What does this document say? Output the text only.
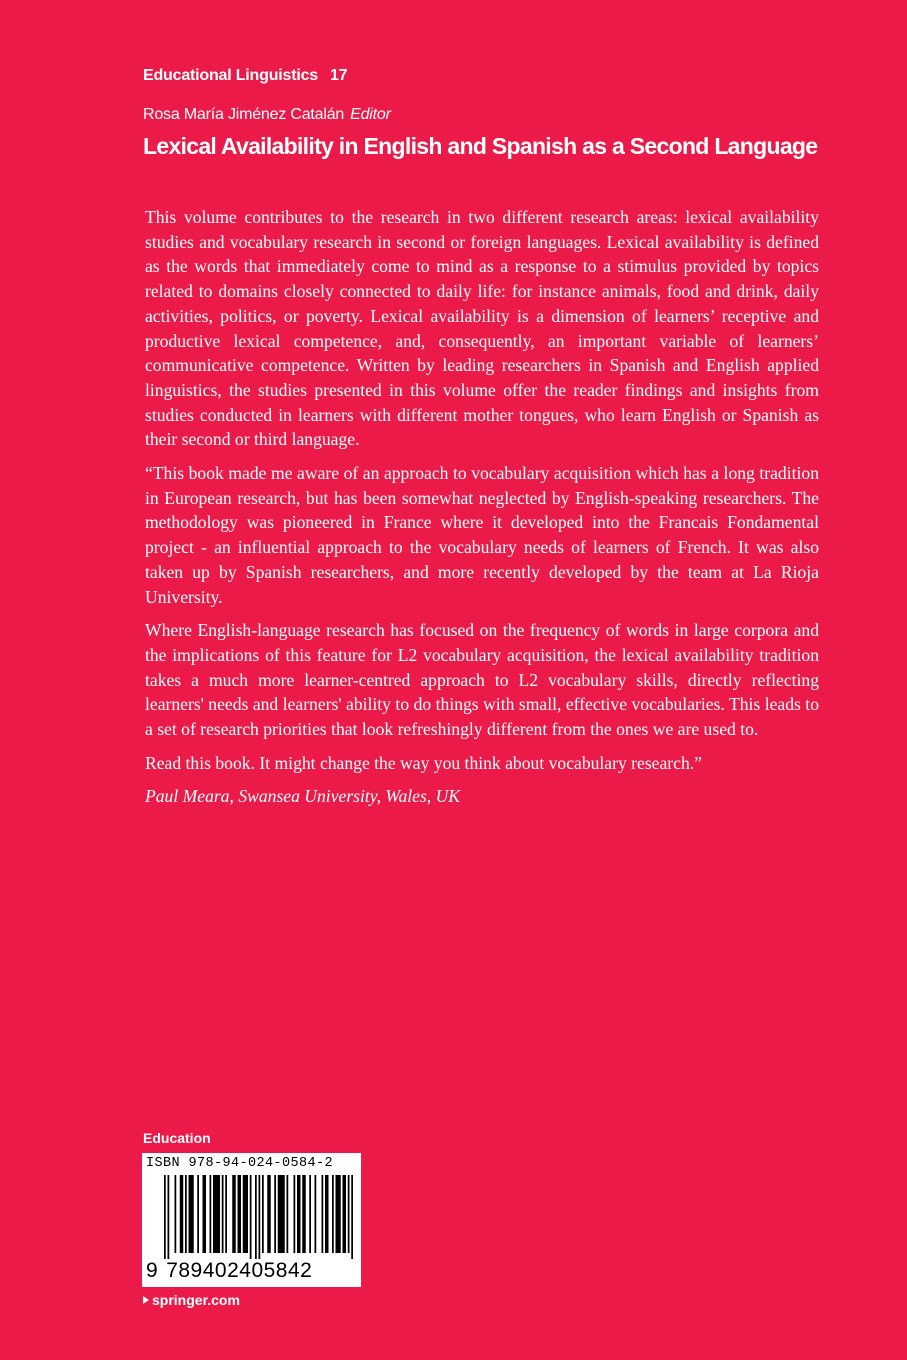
Educational Linguistics 17
Rosa María Jiménez Catalán Editor
Lexical Availability in English and Spanish as a Second Language

This volume contributes to the research in two different research areas: lexical availability studies and vocabulary research in second or foreign languages. Lexical availability is defined as the words that immediately come to mind as a response to a stimulus provided by topics related to domains closely connected to daily life: for instance animals, food and drink, daily activities, politics, or poverty. Lexical availability is a dimension of learners’ receptive and productive lexical competence, and, consequently, an important variable of learners’ communicative competence. Written by leading researchers in Spanish and English applied linguistics, the studies presented in this volume offer the reader findings and insights from studies conducted in learners with different mother tongues, who learn English or Spanish as their second or third language.

“This book made me aware of an approach to vocabulary acquisition which has a long tradition in European research, but has been somewhat neglected by English-speaking researchers. The methodology was pioneered in France where it developed into the Francais Fondamental project - an influential approach to the vocabulary needs of learners of French. It was also taken up by Spanish researchers, and more recently developed by the team at La Rioja University.

Where English-language research has focused on the frequency of words in large corpora and the implications of this feature for L2 vocabulary acquisition, the lexical availability tradition takes a much more learner-centred approach to L2 vocabulary skills, directly reflecting learners' needs and learners' ability to do things with small, effective vocabularies. This leads to a set of research priorities that look refreshingly different from the ones we are used to.

Read this book. It might change the way you think about vocabulary research.”

Paul Meara, Swansea University, Wales, UK

Education
ISBN 978-94-024-0584-2
9 789402405842
springer.com
